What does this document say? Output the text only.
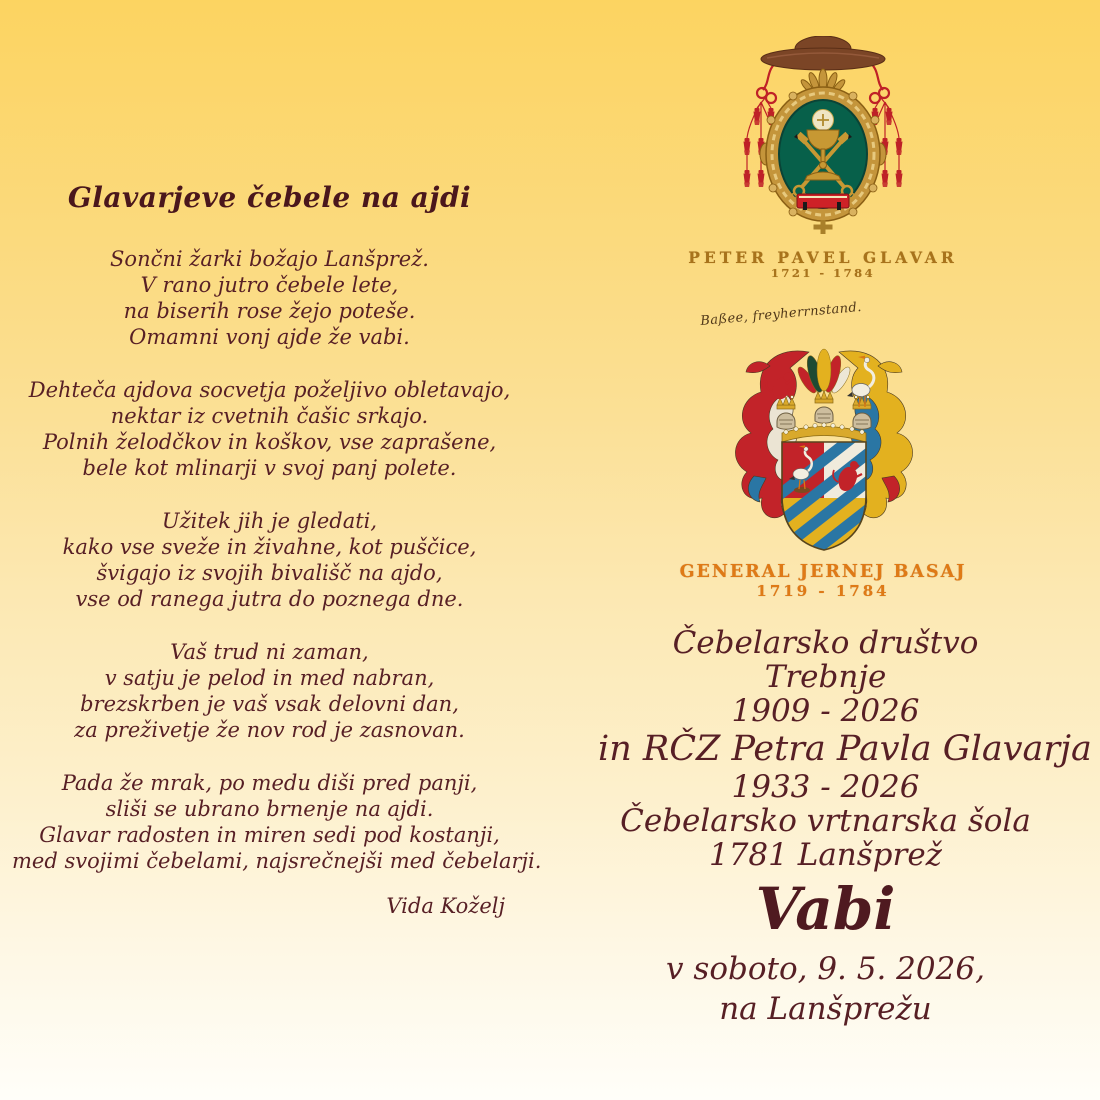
Glavarjeve čebele na ajdi
Sončni žarki božajo Lanšprež.
V rano jutro čebele lete,
na biserih rose žejo poteše.
Omamni vonj ajde že vabi.
Dehteča ajdova socvetja poželjivo obletavajo,
nektar iz cvetnih čašic srkajo.
Polnih želodčkov in koškov, vse zaprašene,
bele kot mlinarji v svoj panj polete.
Užitek jih je gledati,
kako vse sveže in živahne, kot puščice,
švigajo iz svojih bivališč na ajdo,
vse od ranega jutra do poznega dne.
Vaš trud ni zaman,
v satju je pelod in med nabran,
brezskrben je vaš vsak delovni dan,
za preživetje že nov rod je zasnovan.
Pada že mrak, po medu diši pred panji,
sliši se ubrano brnenje na ajdi.
Glavar radosten in miren sedi pod kostanji,
med svojimi čebelami, najsrečnejši med čebelarji.
Vida Koželj
PETER PAVEL GLAVAR
1721 - 1784
Baßee, freyherrnstand.
GENERAL JERNEJ BASAJ
1719 - 1784
Čebelarsko društvo
Trebnje
1909 - 2026
in RČZ Petra Pavla Glavarja
1933 - 2026
Čebelarsko vrtnarska šola
1781 Lanšprež
Vabi
v soboto, 9. 5. 2026,
na Lanšprežu
